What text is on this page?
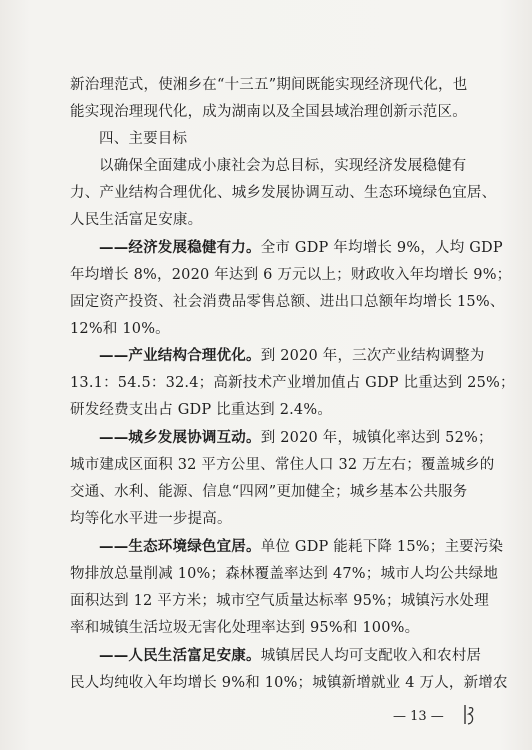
新治理范式，使湘乡在“十三五”期间既能实现经济现代化，也
能实现治理现代化，成为湖南以及全国县域治理创新示范区。
四、主要目标
以确保全面建成小康社会为总目标，实现经济发展稳健有
力、产业结构合理优化、城乡发展协调互动、生态环境绿色宜居、
人民生活富足安康。
——经济发展稳健有力。全市 GDP 年均增长 9%，人均 GDP
年均增长 8%，2020 年达到 6 万元以上；财政收入年均增长 9%；
固定资产投资、社会消费品零售总额、进出口总额年均增长 15%、
12%和 10%。
——产业结构合理优化。到 2020 年，三次产业结构调整为
13.1：54.5：32.4；高新技术产业增加值占 GDP 比重达到 25%；
研发经费支出占 GDP 比重达到 2.4%。
——城乡发展协调互动。到 2020 年，城镇化率达到 52%；
城市建成区面积 32 平方公里、常住人口 32 万左右；覆盖城乡的
交通、水利、能源、信息“四网”更加健全；城乡基本公共服务
均等化水平进一步提高。
——生态环境绿色宜居。单位 GDP 能耗下降 15%；主要污染
物排放总量削减 10%；森林覆盖率达到 47%；城市人均公共绿地
面积达到 12 平方米；城市空气质量达标率 95%；城镇污水处理
率和城镇生活垃圾无害化处理率达到 95%和 100%。
——人民生活富足安康。城镇居民人均可支配收入和农村居
民人均纯收入年均增长 9%和 10%；城镇新增就业 4 万人，新增农
— 13 —
